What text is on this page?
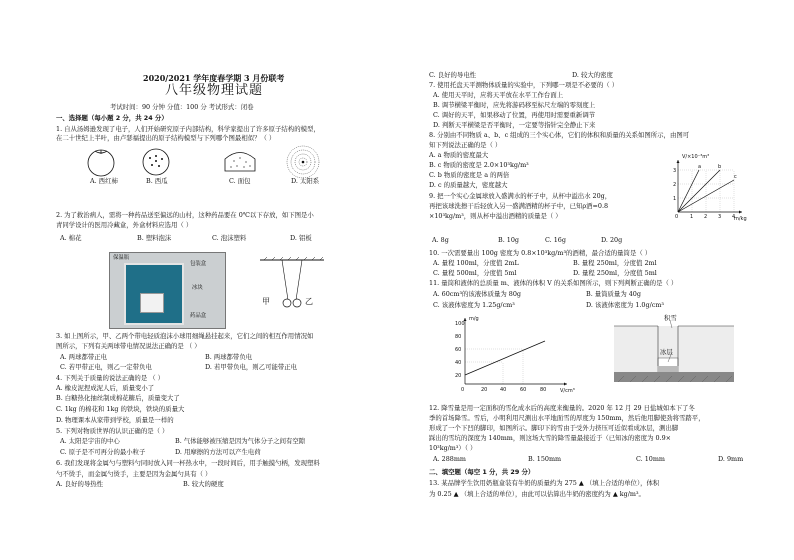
2020/2021 学年度春学期 3 月份联考
八年级物理试题
考试时间：90 分钟 分值：100 分 考试形式：闭卷
一、选择题（每小题 2 分，共 24 分）
1. 自从汤姆逊发现了电子，人们开始研究原子内部结构，科学家提出了许多原子结构的模型，
在二十世纪上半叶，由卢瑟福提出的原子结构模型与下列哪个图最相似？（ ）
A. 西红柿	B. 西瓜	C. 面包	D. 太阳系
2. 为了救治病人，需将一种药品送至偏远的山村，这种药品要在 0℃以下存放，如下图是小
青同学设计的医用冷藏盒，外盒材料应选用（ ）
A. 棉花	B. 塑料泡沫	C. 泡沫塑料	D. 铝板
保温瓶
包装盒
冰块
药品盒
甲	乙
3. 如上图所示，甲、乙两个带电轻质泡沫小球用细绳悬挂起来，它们之间的相互作用情况如
图所示，下列有关两球带电情况说法正确的是 （ ）
A. 两球都带正电	B. 两球都带负电
C. 若甲带正电，则乙一定带负电	D. 若甲带负电，则乙可能带正电
4. 下列关于质量的说法正确的是 （ ）
A. 橡皮泥捏成泥人后，质量变小了
B. 白糖热化抽丝制成棉花糖后，质量变大了
C. 1kg 的棉花和 1kg 的铁块，铁块的质量大
D. 物理课本从家带到学校，质量是一样的
5. 下列对物质世界的认识正确的是（ ）
A. 太阳是宇宙的中心	B. 气体能够被压缩是因为气体分子之间有空隙
C. 原子是不可再分的最小粒子	D. 用摩擦的方法可以产生电荷
6. 我们发现将金属勺与塑料勺同时放入同一杯热水中，一段时间后，用手触摸勺柄，发现塑料
勺不烫手，而金属勺烫手，主要是因为金属勺具有（ ）
A. 良好的导热性	B. 较大的硬度
C. 良好的导电性	D. 较大的密度
7. 使用托盘天平测物体质量的实验中，下列哪一项是不必要的（ ）
A. 使用天平时，应将天平放在水平工作台面上
B. 调节横梁平衡时，应先将游码移至标尺左端的零刻度上
C. 调好的天平，如果移动了位置，再使用时需要重新调节
D. 判断天平横梁是否平衡时，一定要等指针完全静止下来
8. 分别由不同物质 a、b、c 组成的三个实心体，它们的体积和质量的关系如图所示，由图可
知下列说法正确的是（ ）
A. a 物质的密度最大
B. c 物质的密度是 2.0×10³kg/m³
C. b 物质的密度是 a 的两倍
D. c 的质量越大，密度越大
V/×10⁻³m³
m/kg
a	b
c
0 1 2 3 4
1
2
3
9. 把一个实心金属球放入盛满水的杯子中，从杯中溢出水 20g，
再把该球洗擦干后轻放入另一盛满酒精的杯子中，已知ρ酒=0.8
×10³kg/m³，则从杯中溢出酒精的质量是（ ）
A. 8g	B. 10g	C. 16g	D. 20g
10. 一次需要量出 100g 密度为 0.8×10³kg/m³的酒精，最合适的量筒是（ ）
A. 量程 100ml，分度值 2mL	B. 量程 250ml，分度值 2ml
C. 量程 500ml，分度值 5ml	D. 量程 250ml，分度值 5ml
11. 量筒和液体的总质量 m、液体的体积 V 的关系如图所示，则下列判断正确的是（ ）
A. 60cm³的该液体质量为 80g	B. 量筒质量为 40g
C. 该液体密度为 1.25g/cm³	D. 该液体密度为 1.0g/cm³
m/g
V/cm³
0	20	40	60	80
20
40
60
80
100
积雪
冰层
12. 降雪量是用一定面积的雪化成水后的高度来衡量的。2020 年 12 月 29 日盐城如本下了冬
季的首场降雪。雪后，小明利用尺测出水平地面雪的厚度为 150mm，然后他用脚使劲将雪踏平，
形成了一个下凹的脚印，如图所示。脚印下的雪由于受外力挤压可近似看成冰层，测出脚
踩出的雪坑的深度为 140mm，则这场大雪的降雪量最接近于（已知冰的密度为 0.9×
10³kg/m³）（ ）
A. 288mm	B. 150mm	C. 10mm	D. 9mm
二、填空题（每空 1 分，共 29 分）
13. 某品牌学生饮用奶瓶盒装有牛奶的质量约为 275 ▲ （填上合适的单位），体积
为 0.25 ▲ （填上合适的单位），由此可以估算出牛奶的密度约为 ▲ kg/m³。
